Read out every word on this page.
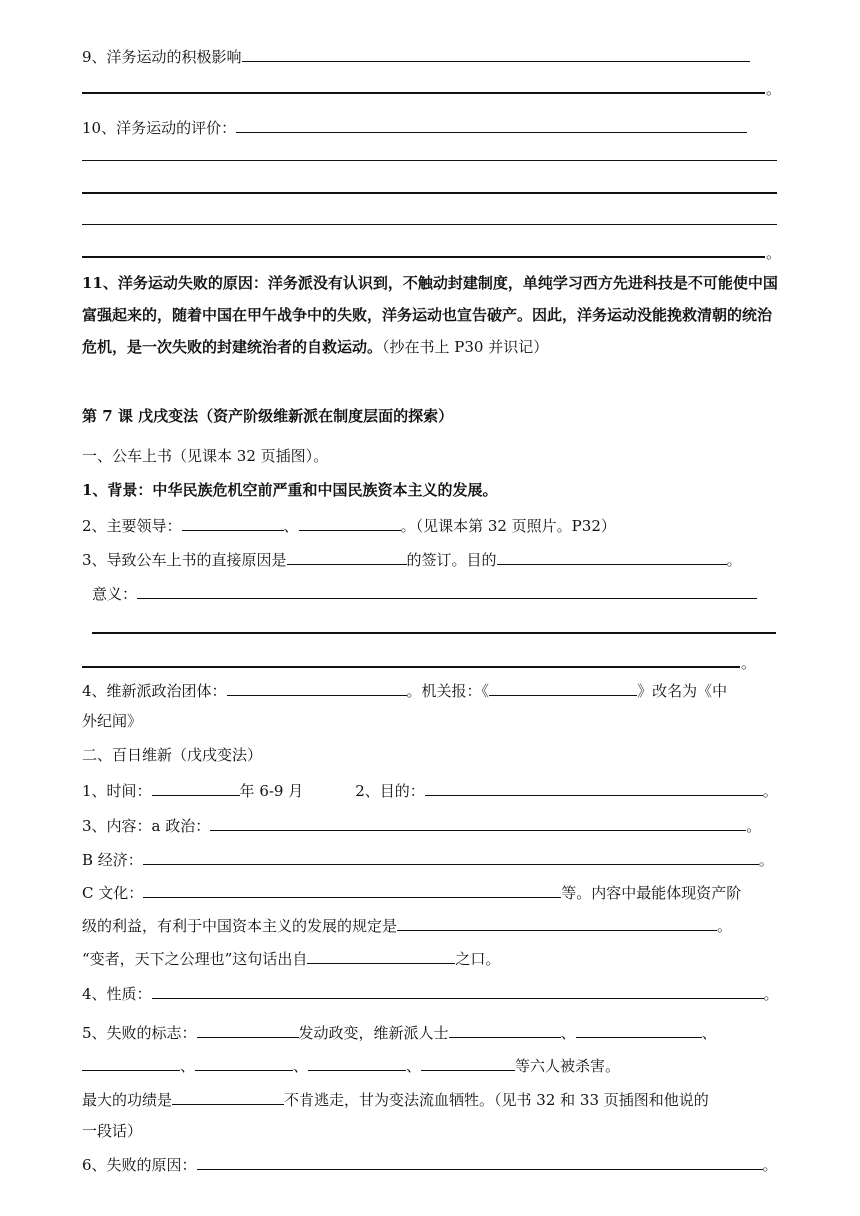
9、洋务运动的积极影响
。
10、洋务运动的评价：
。
11、洋务运动失败的原因：洋务派没有认识到，不触动封建制度，单纯学习西方先进科技是不可能使中国富强起来的，随着中国在甲午战争中的失败，洋务运动也宣告破产。因此，洋务运动没能挽救清朝的统治危机，是一次失败的封建统治者的自救运动。（抄在书上 P30 并识记）
第 7 课 戊戌变法（资产阶级维新派在制度层面的探索）
一、公车上书（见课本 32 页插图）。
1、背景：中华民族危机空前严重和中国民族资本主义的发展。
2、主要领导：	、	。（见课本第 32 页照片。P32）
3、导致公车上书的直接原因是	的签订。目的	。
意义：
。
4、维新派政治团体：	。机关报：《	》改名为《中
外纪闻》
二、百日维新（戊戌变法）
1、时间：	年 6-9 月	2、目的：	。
3、内容：a 政治：	。
B 经济：	。
C 文化：	等。内容中最能体现资产阶
级的利益，有利于中国资本主义的发展的规定是	。
“变者，天下之公理也”这句话出自	之口。
4、性质：	。
5、失败的标志：	发动政变，维新派人士	、	、
、	、	、	等六人被杀害。
最大的功绩是	不肯逃走，甘为变法流血牺牲。（见书 32 和 33 页插图和他说的
一段话）
6、失败的原因：	。
